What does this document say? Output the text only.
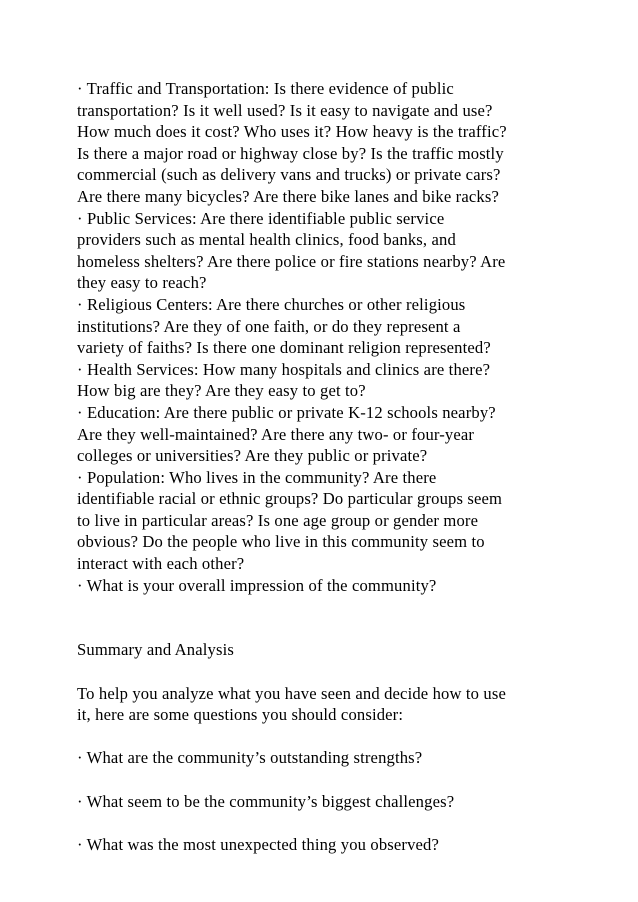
· Traffic and Transportation: Is there evidence of public
transportation? Is it well used? Is it easy to navigate and use?
How much does it cost? Who uses it? How heavy is the traffic?
Is there a major road or highway close by? Is the traffic mostly
commercial (such as delivery vans and trucks) or private cars?
Are there many bicycles? Are there bike lanes and bike racks?
· Public Services: Are there identifiable public service
providers such as mental health clinics, food banks, and
homeless shelters? Are there police or fire stations nearby? Are
they easy to reach?
· Religious Centers: Are there churches or other religious
institutions? Are they of one faith, or do they represent a
variety of faiths? Is there one dominant religion represented?
· Health Services: How many hospitals and clinics are there?
How big are they? Are they easy to get to?
· Education: Are there public or private K-12 schools nearby?
Are they well-maintained? Are there any two- or four-year
colleges or universities? Are they public or private?
· Population: Who lives in the community? Are there
identifiable racial or ethnic groups? Do particular groups seem
to live in particular areas? Is one age group or gender more
obvious? Do the people who live in this community seem to
interact with each other?
· What is your overall impression of the community?
Summary and Analysis
To help you analyze what you have seen and decide how to use
it, here are some questions you should consider:
· What are the community’s outstanding strengths?
· What seem to be the community’s biggest challenges?
· What was the most unexpected thing you observed?
